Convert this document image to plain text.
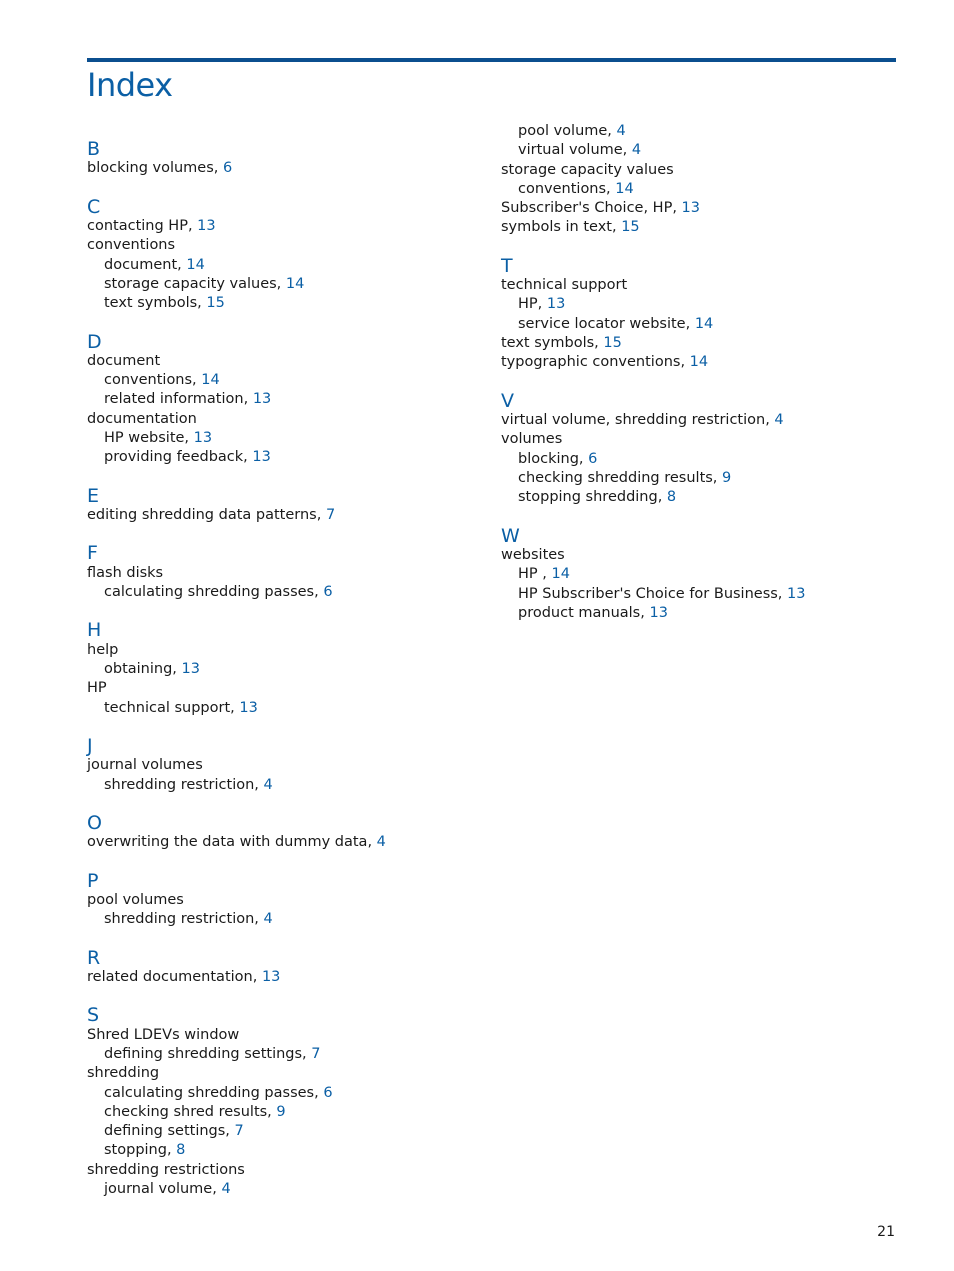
Index
B
blocking volumes, 6
C
contacting HP, 13
conventions
document, 14
storage capacity values, 14
text symbols, 15
D
document
conventions, 14
related information, 13
documentation
HP website, 13
providing feedback, 13
E
editing shredding data patterns, 7
F
flash disks
calculating shredding passes, 6
H
help
obtaining, 13
HP
technical support, 13
J
journal volumes
shredding restriction, 4
O
overwriting the data with dummy data, 4
P
pool volumes
shredding restriction, 4
R
related documentation, 13
S
Shred LDEVs window
defining shredding settings, 7
shredding
calculating shredding passes, 6
checking shred results, 9
defining settings, 7
stopping, 8
shredding restrictions
journal volume, 4
pool volume, 4
virtual volume, 4
storage capacity values
conventions, 14
Subscriber's Choice, HP, 13
symbols in text, 15
T
technical support
HP, 13
service locator website, 14
text symbols, 15
typographic conventions, 14
V
virtual volume, shredding restriction, 4
volumes
blocking, 6
checking shredding results, 9
stopping shredding, 8
W
websites
HP , 14
HP Subscriber's Choice for Business, 13
product manuals, 13
21
